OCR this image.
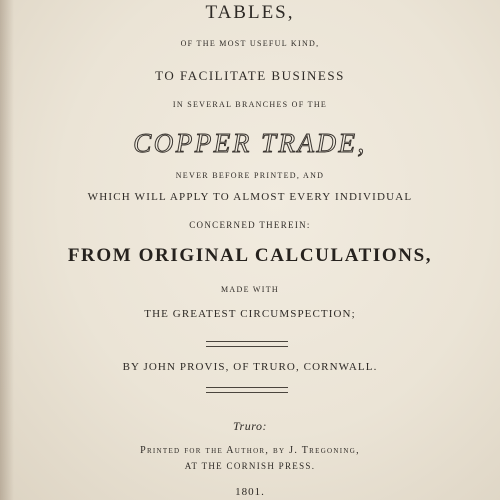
TABLES,
OF THE MOST USEFUL KIND,
TO FACILITATE BUSINESS
IN SEVERAL BRANCHES OF THE
COPPER TRADE,
NEVER BEFORE PRINTED, AND
WHICH WILL APPLY TO ALMOST EVERY INDIVIDUAL
CONCERNED THEREIN:
FROM ORIGINAL CALCULATIONS,
MADE WITH
THE GREATEST CIRCUMSPECTION;
BY JOHN PROVIS, OF TRURO, CORNWALL.
Truro:
Printed for the Author, by J. Tregoning,
AT THE CORNISH PRESS.
1801.
